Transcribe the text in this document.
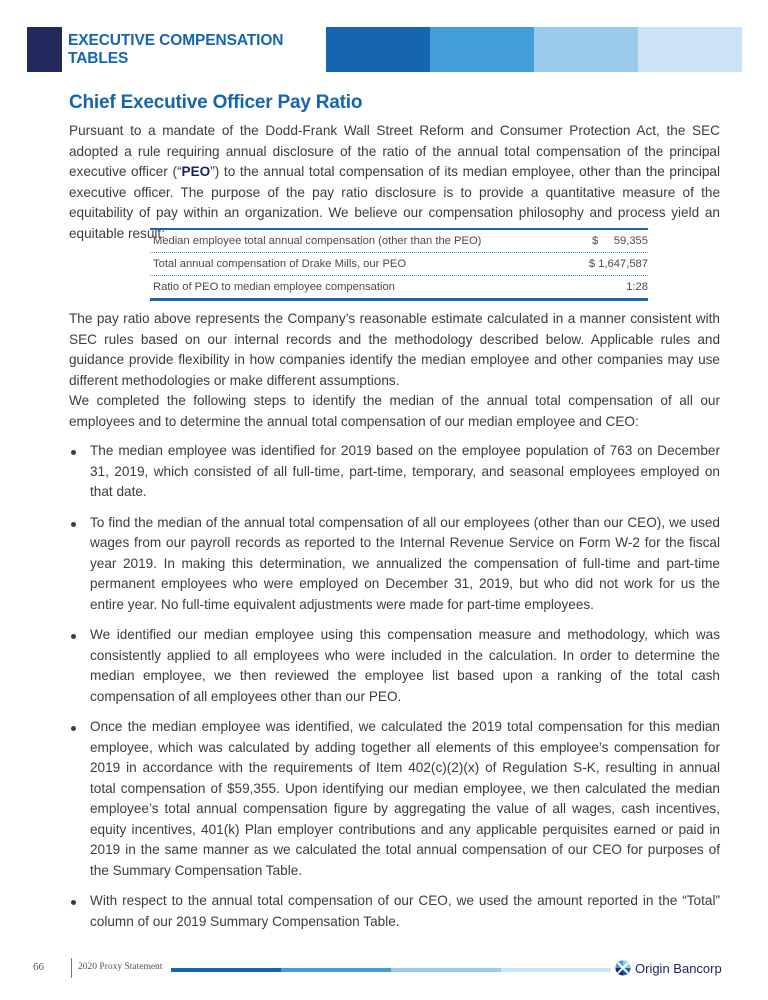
EXECUTIVE COMPENSATION TABLES
Chief Executive Officer Pay Ratio

Pursuant to a mandate of the Dodd-Frank Wall Street Reform and Consumer Protection Act, the SEC adopted a rule requiring annual disclosure of the ratio of the annual total compensation of the principal executive officer (“PEO”) to the annual total compensation of its median employee, other than the principal executive officer. The purpose of the pay ratio disclosure is to provide a quantitative measure of the equitability of pay within an organization. We believe our compensation philosophy and process yield an equitable result:

Median employee total annual compensation (other than the PEO)	$     59,355
Total annual compensation of Drake Mills, our PEO	$ 1,647,587
Ratio of PEO to median employee compensation	1:28

The pay ratio above represents the Company’s reasonable estimate calculated in a manner consistent with SEC rules based on our internal records and the methodology described below. Applicable rules and guidance provide flexibility in how companies identify the median employee and other companies may use different methodologies or make different assumptions.

We completed the following steps to identify the median of the annual total compensation of all our employees and to determine the annual total compensation of our median employee and CEO:

The median employee was identified for 2019 based on the employee population of 763 on December 31, 2019, which consisted of all full-time, part-time, temporary, and seasonal employees employed on that date.
To find the median of the annual total compensation of all our employees (other than our CEO), we used wages from our payroll records as reported to the Internal Revenue Service on Form W-2 for the fiscal year 2019. In making this determination, we annualized the compensation of full-time and part-time permanent employees who were employed on December 31, 2019, but who did not work for us the entire year. No full-time equivalent adjustments were made for part-time employees.
We identified our median employee using this compensation measure and methodology, which was consistently applied to all employees who were included in the calculation. In order to determine the median employee, we then reviewed the employee list based upon a ranking of the total cash compensation of all employees other than our PEO.
Once the median employee was identified, we calculated the 2019 total compensation for this median employee, which was calculated by adding together all elements of this employee’s compensation for 2019 in accordance with the requirements of Item 402(c)(2)(x) of Regulation S-K, resulting in annual total compensation of $59,355. Upon identifying our median employee, we then calculated the median employee’s total annual compensation figure by aggregating the value of all wages, cash incentives, equity incentives, 401(k) Plan employer contributions and any applicable perquisites earned or paid in 2019 in the same manner as we calculated the total annual compensation of our CEO for purposes of the Summary Compensation Table.
With respect to the annual total compensation of our CEO, we used the amount reported in the “Total” column of our 2019 Summary Compensation Table.
66	2020 Proxy Statement	Origin Bancorp
